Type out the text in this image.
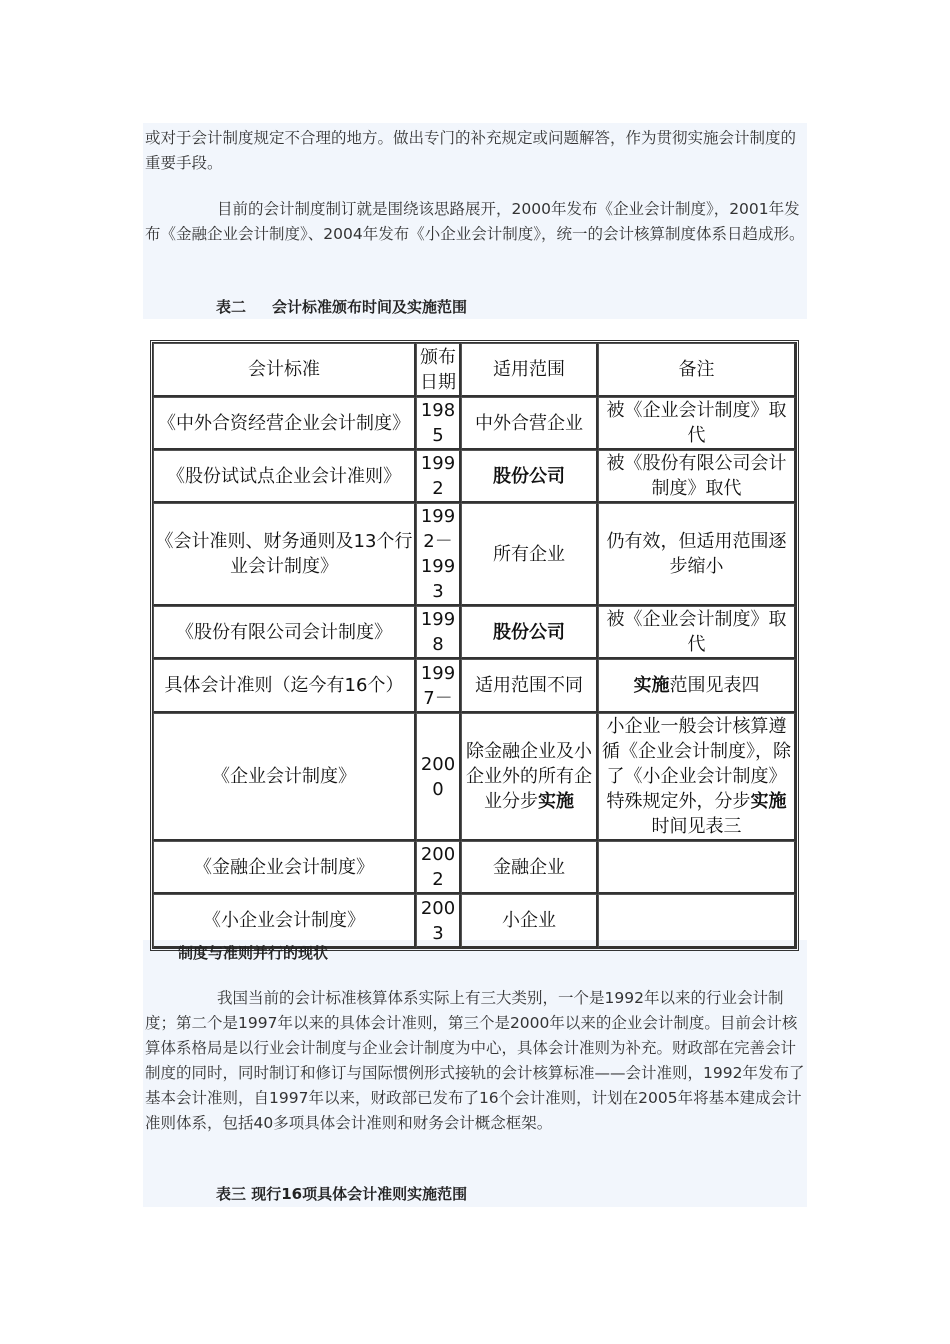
或对于会计制度规定不合理的地方。做出专门的补充规定或问题解答，作为贯彻实施会计制度的重要手段。
目前的会计制度制订就是围绕该思路展开，2000年发布《企业会计制度》，2001年发布《金融企业会计制度》、2004年发布《小企业会计制度》，统一的会计核算制度体系日趋成形。
表二 会计标准颁布时间及实施范围
会计标准	颁布日期	适用范围	备注
《中外合资经营企业会计制度》	1985	中外合营企业	被《企业会计制度》取代
《股份试试点企业会计准则》	1992	股份公司	被《股份有限公司会计制度》取代
《会计准则、财务通则及13个行业会计制度》	1992－1993	所有企业	仍有效，但适用范围逐步缩小
《股份有限公司会计制度》	1998	股份公司	被《企业会计制度》取代
具体会计准则（迄今有16个）	1997－	适用范围不同	实施范围见表四
《企业会计制度》	2000	除金融企业及小企业外的所有企业分步实施	小企业一般会计核算遵循《企业会计制度》，除了《小企业会计制度》特殊规定外，分步实施时间见表三
《金融企业会计制度》	2002	金融企业	
《小企业会计制度》	2003	小企业	
制度与准则并行的现状
我国当前的会计标准核算体系实际上有三大类别，一个是1992年以来的行业会计制度；第二个是1997年以来的具体会计准则，第三个是2000年以来的企业会计制度。目前会计核算体系格局是以行业会计制度与企业会计制度为中心，具体会计准则为补充。财政部在完善会计制度的同时，同时制订和修订与国际惯例形式接轨的会计核算标准——会计准则，1992年发布了基本会计准则，自1997年以来，财政部已发布了16个会计准则，计划在2005年将基本建成会计准则体系，包括40多项具体会计准则和财务会计概念框架。
表三 现行16项具体会计准则实施范围
